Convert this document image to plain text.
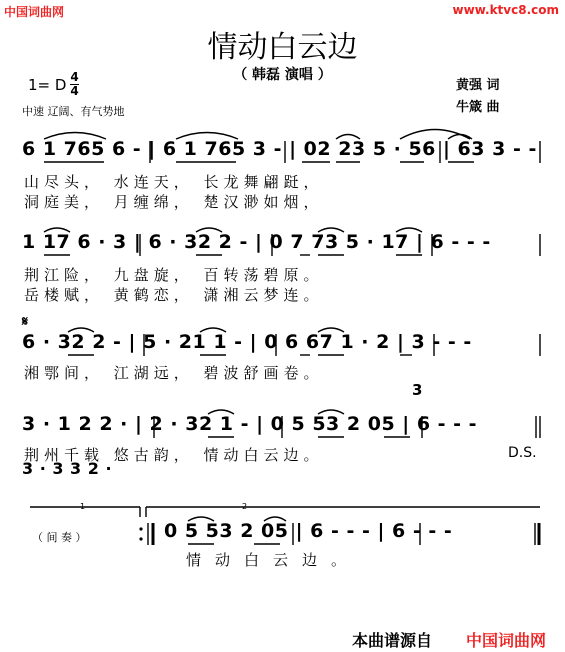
中国词曲网	www.ktvc8.com
情动白云边
（ 韩磊 演唱 ）
黄强 词
牛箴 曲
1= D 4
4
中速 辽阔、有气势地
6 1 765 6 - | 6 1 765 3 - | 02 23 5 · 56 | 63 3 - -
山尽头， 水连天， 长龙舞翩跹，
洞庭美， 月缠绵， 楚汉渺如烟，
1 17 6 · 3 | 6 · 32 2 - | 0 7 73 5 · 17 | 6 - - -
荆江险， 九盘旋， 百转荡碧原。
岳楼赋， 黄鹤恋， 潇湘云梦连。
𝄋
6 · 32 2 - | 5 · 21 1 - | 0 6 67 1 · 2 | 3 - - -
湘鄂间， 江湖远， 碧波舒画卷。
3
3 · 1 2 2 · | 2 · 32 1 - | 0 5 53 2 05 | 6 - - -
荆州千载 悠古韵， 情动白云边。	D.S.
3 · 3 3 2 ·
1	2
（ 间 奏 ）	0 5 53 2 05 | 6 - - - | 6 - - -
情动白云边。
本曲谱源自 中国词曲网
